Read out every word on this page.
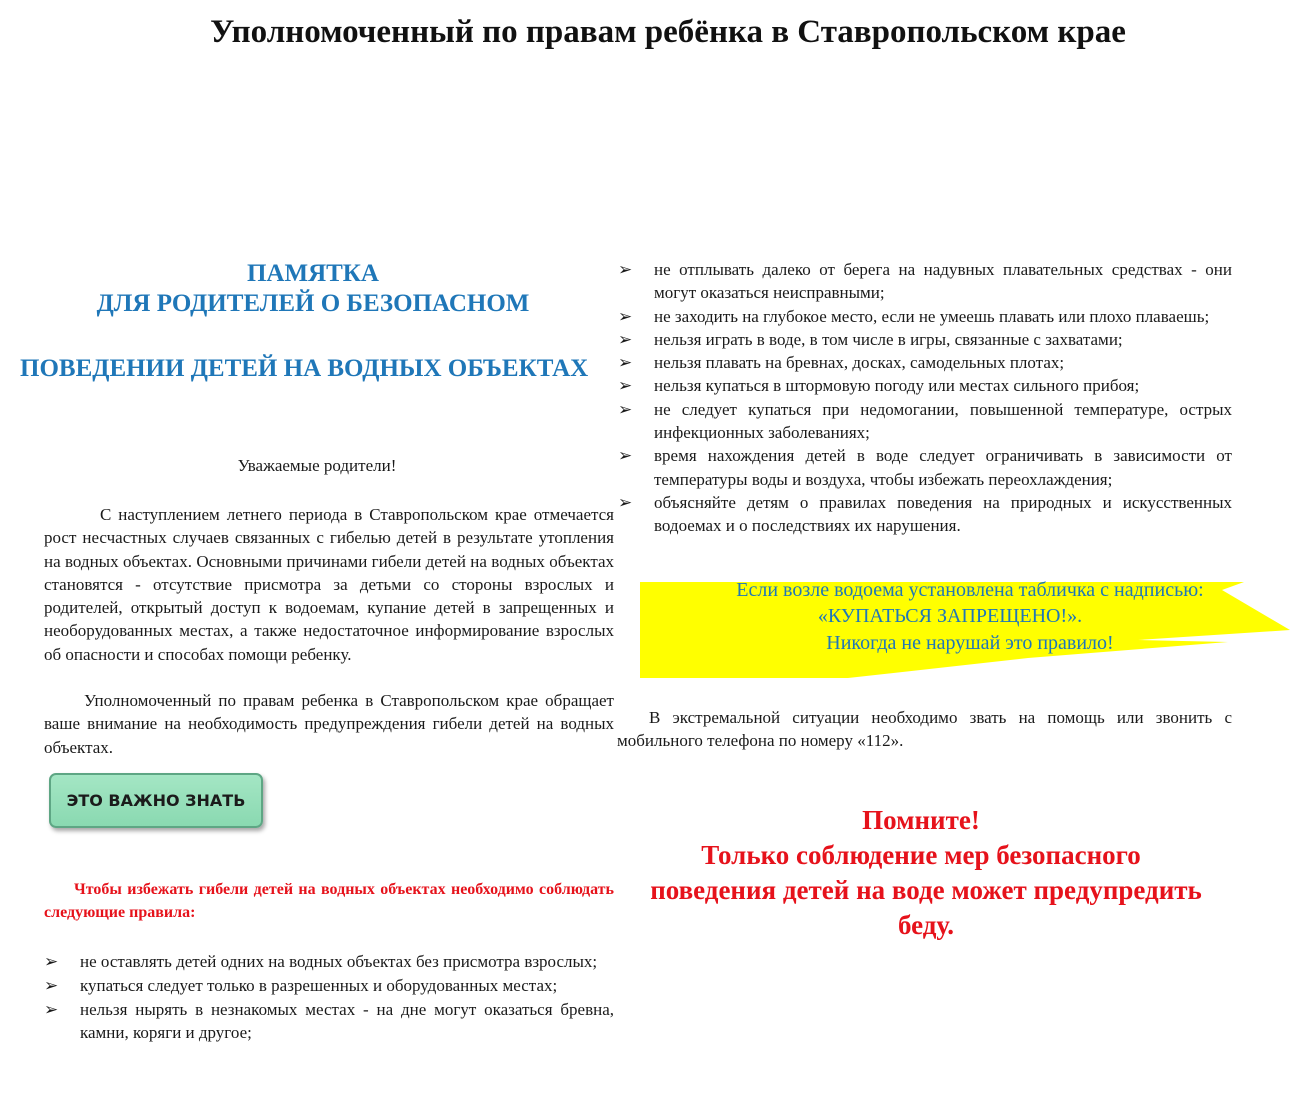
Уполномоченный по правам ребёнка в Ставропольском крае
ПАМЯТКА
ДЛЯ РОДИТЕЛЕЙ О БЕЗОПАСНОМ
ПОВЕДЕНИИ ДЕТЕЙ НА ВОДНЫХ ОБЪЕКТАХ
Уважаемые родители!
С наступлением летнего периода в Ставропольском крае отмечается рост несчастных случаев связанных с гибелью детей в результате утопления на водных объектах. Основными причинами гибели детей на водных объектах становятся - отсутствие присмотра за детьми со стороны взрослых и родителей, открытый доступ к водоемам, купание детей в запрещенных и необорудованных местах, а также недостаточное информирование взрослых об опасности и способах помощи ребенку.
Уполномоченный по правам ребенка в Ставропольском крае обращает ваше внимание на необходимость предупреждения гибели детей на водных объектах.
ЭТО ВАЖНО ЗНАТЬ
Чтобы избежать гибели детей на водных объектах необходимо соблюдать следующие правила:
➢ не оставлять детей одних на водных объектах без присмотра взрослых;
➢ купаться следует только в разрешенных и оборудованных местах;
➢ нельзя нырять в незнакомых местах - на дне могут оказаться бревна, камни, коряги и другое;
➢ не отплывать далеко от берега на надувных плавательных средствах - они могут оказаться неисправными;
➢ не заходить на глубокое место, если не умеешь плавать или плохо плаваешь;
➢ нельзя играть в воде, в том числе в игры, связанные с захватами;
➢ нельзя плавать на бревнах, досках, самодельных плотах;
➢ нельзя купаться в штормовую погоду или местах сильного прибоя;
➢ не следует купаться при недомогании, повышенной температуре, острых инфекционных заболеваниях;
➢ время нахождения детей в воде следует ограничивать в зависимости от температуры воды и воздуха, чтобы избежать переохлаждения;
➢ объясняйте детям о правилах поведения на природных и искусственных водоемах и о последствиях их нарушения.
Если возле водоема установлена табличка с надписью:
«КУПАТЬСЯ ЗАПРЕЩЕНО!».
Никогда не нарушай это правило!
В экстремальной ситуации необходимо звать на помощь или звонить с мобильного телефона по номеру «112».
Помните!
Только соблюдение мер безопасного
поведения детей на воде может предупредить
беду.
